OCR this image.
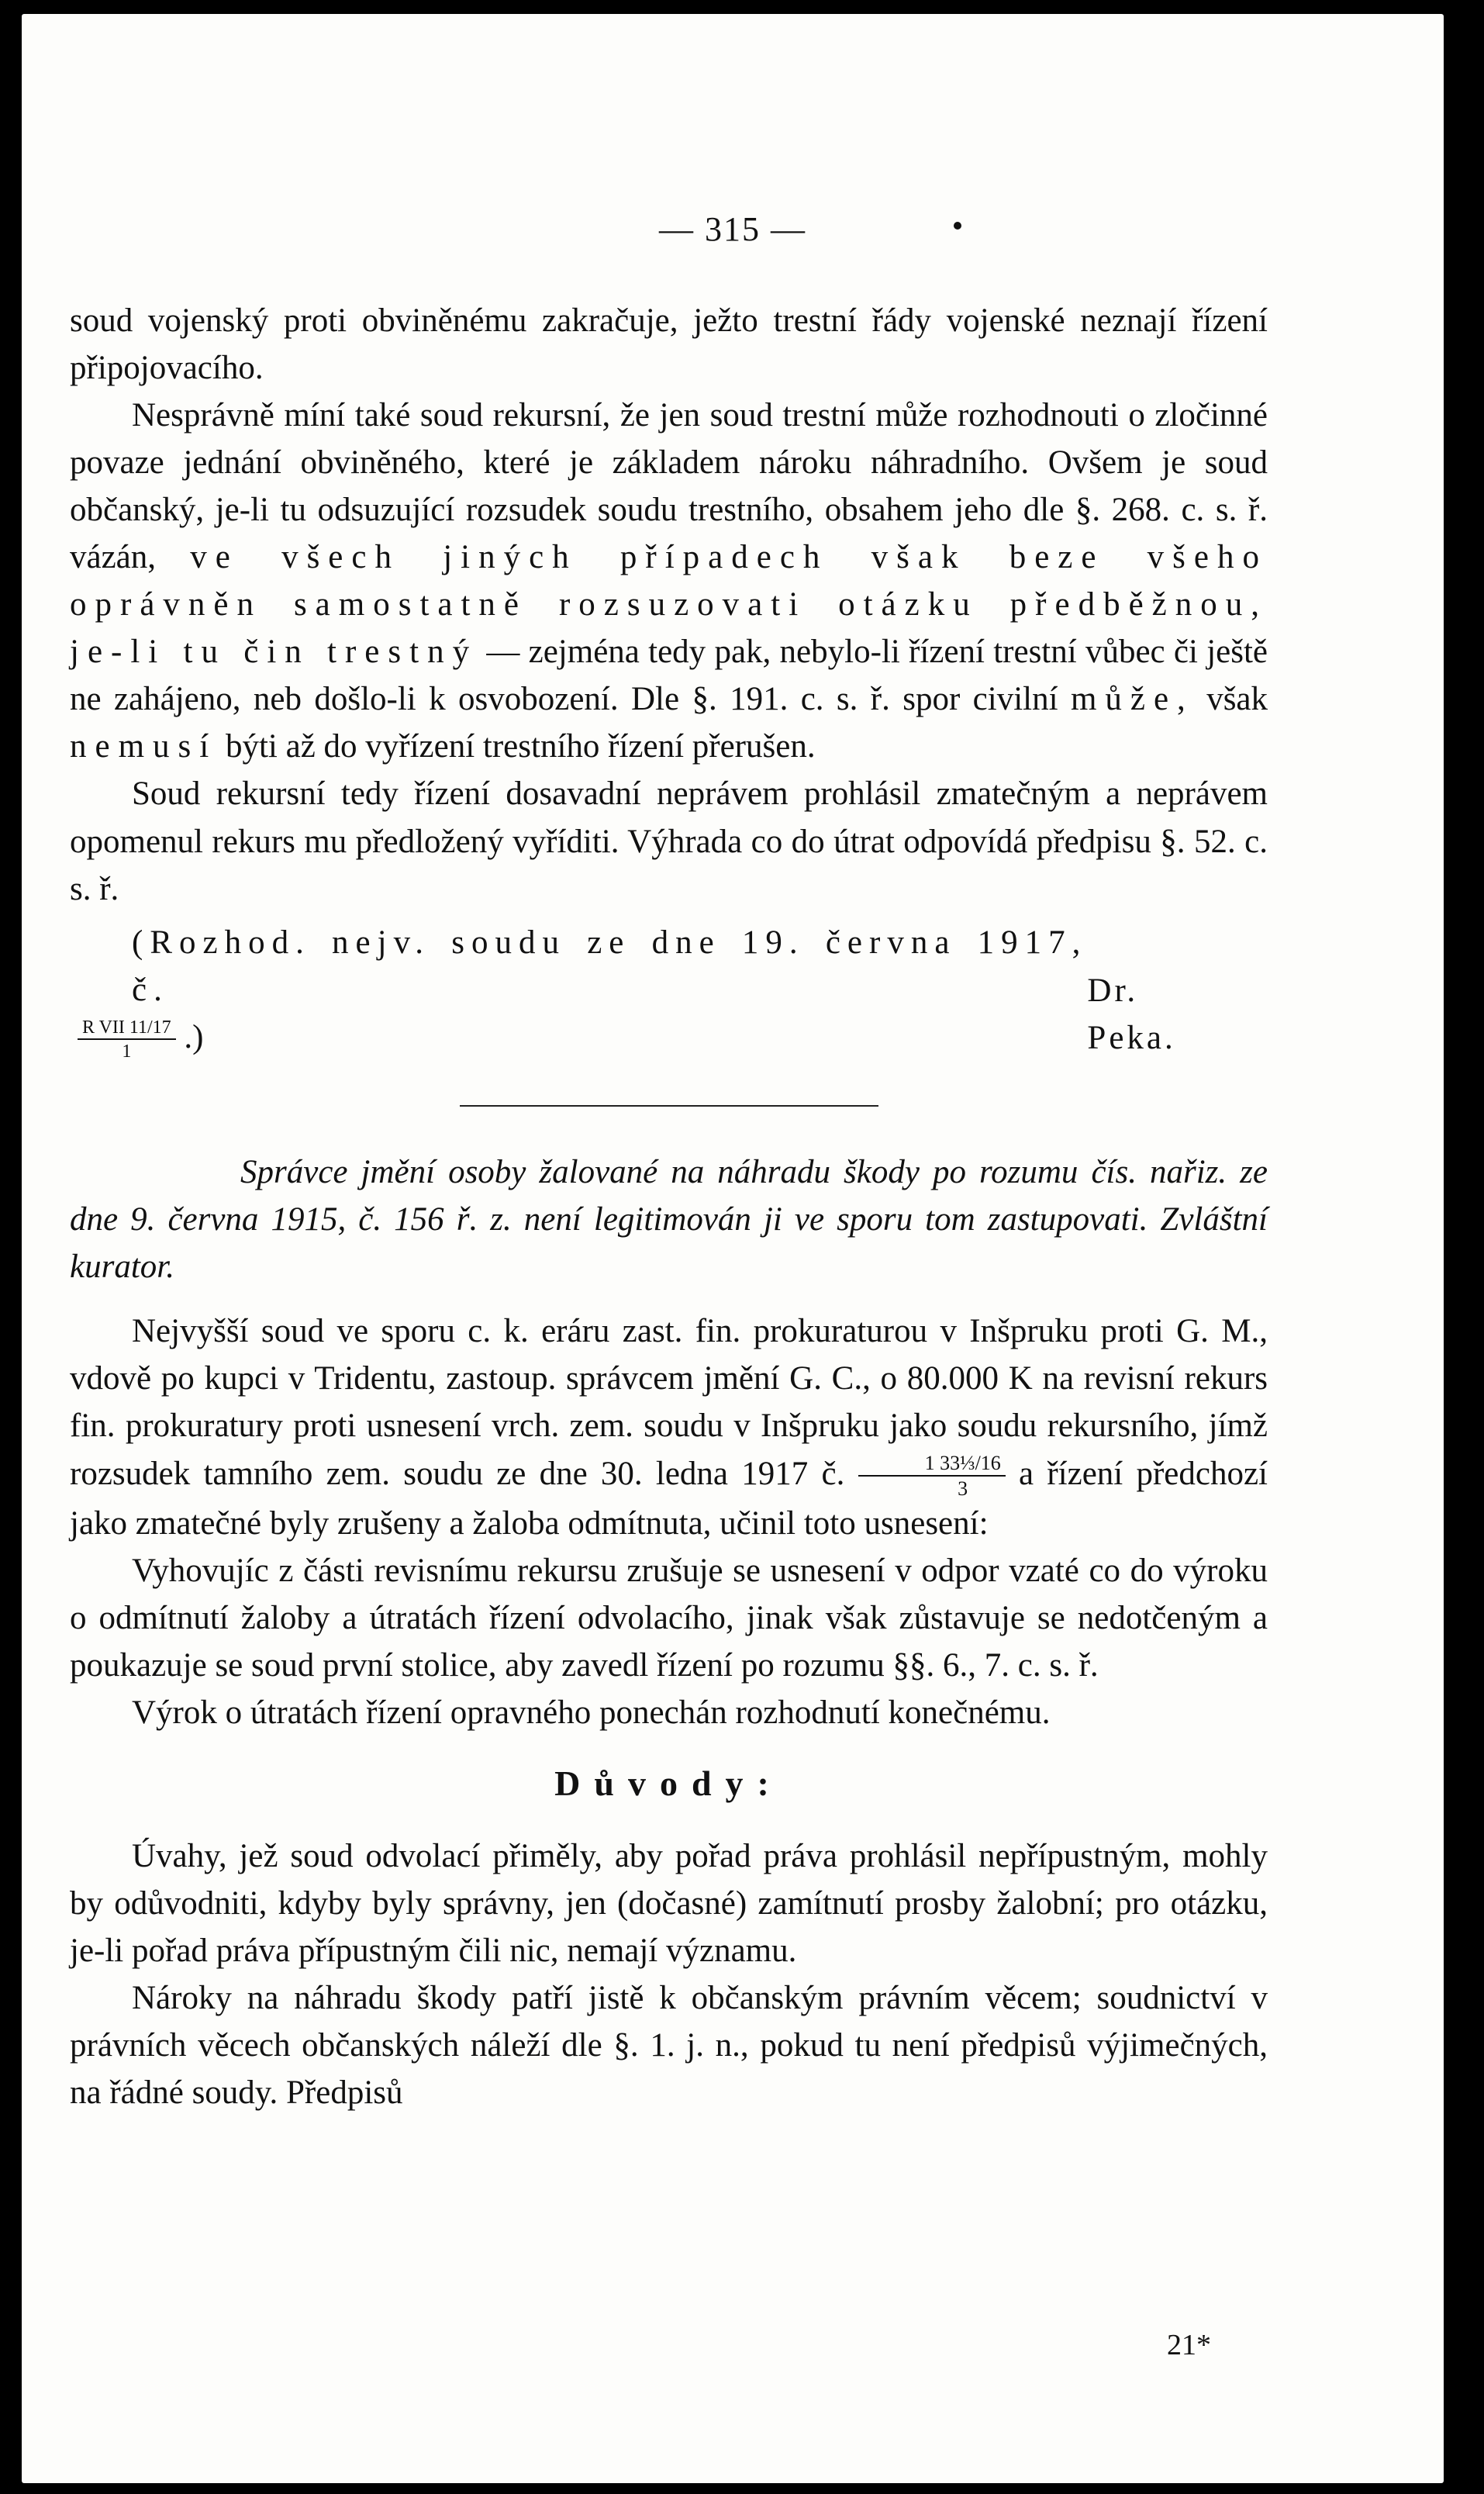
— 315 —

soud vojenský proti obviněnému zakračuje, ježto trestní řády vojenské neznají řízení připojovacího.

Nesprávně míní také soud rekursní, že jen soud trestní může rozhodnouti o zločinné povaze jednání obviněného, které je základem nároku náhradního. Ovšem je soud občanský, je-li tu odsuzující rozsudek soudu trestního, obsahem jeho dle §. 268. c. s. ř. vázán, ve všech jiných případech však beze všeho oprávněn samostatně rozsuzovati otázku předběžnou, je-li tu čin trestný — zejména tedy pak, nebylo-li řízení trestní vůbec či ještě ne zahájeno, neb došlo-li k osvobození. Dle §. 191. c. s. ř. spor civilní může, však nemusí býti až do vyřízení trestního řízení přerušen.

Soud rekursní tedy řízení dosavadní neprávem prohlásil zmatečným a neprávem opomenul rekurs mu předložený vyříditi. Výhrada co do útrat odpovídá předpisu §. 52. c. s. ř.

(Rozhod. nejv. soudu ze dne 19. června 1917, č.
$\frac{\text{R VII 11/17}}{1}$ .)
Dr. Peka.

Správce jmění osoby žalované na náhradu škody po rozumu čís. nařiz. ze dne 9. června 1915, č. 156 ř. z. není legitimován ji ve sporu tom zastupovati. Zvláštní kurator.

Nejvyšší soud ve sporu c. k. eráru zast. fin. prokuraturou v Inšpruku proti G. M., vdově po kupci v Tridentu, zastoup. správcem jmění G. C., o 80.000 K na revisní rekurs fin. prokuratury proti usnesení vrch. zem. soudu v Inšpruku jako soudu rekursního, jímž rozsudek tamního zem. soudu ze dne 30. ledna 1917 č. $\frac{\text{1 33⅓/16}}{3}$ a řízení předchozí jako zmatečné byly zrušeny a žaloba odmítnuta, učinil toto usnesení:

Vyhovujíc z části revisnímu rekursu zrušuje se usnesení v odpor vzaté co do výroku o odmítnutí žaloby a útratách řízení odvolacího, jinak však zůstavuje se nedotčeným a poukazuje se soud první stolice, aby zavedl řízení po rozumu §§. 6., 7. c. s. ř.

Výrok o útratách řízení opravného ponechán rozhodnutí konečnému.

Důvody:

Úvahy, jež soud odvolací přiměly, aby pořad práva prohlásil nepřípustným, mohly by odůvodniti, kdyby byly správny, jen (dočasné) zamítnutí prosby žalobní; pro otázku, je-li pořad práva přípustným čili nic, nemají významu.

Nároky na náhradu škody patří jistě k občanským právním věcem; soudnictví v právních věcech občanských náleží dle §. 1. j. n., pokud tu není předpisů výjimečných, na řádné soudy. Předpisů

21*
